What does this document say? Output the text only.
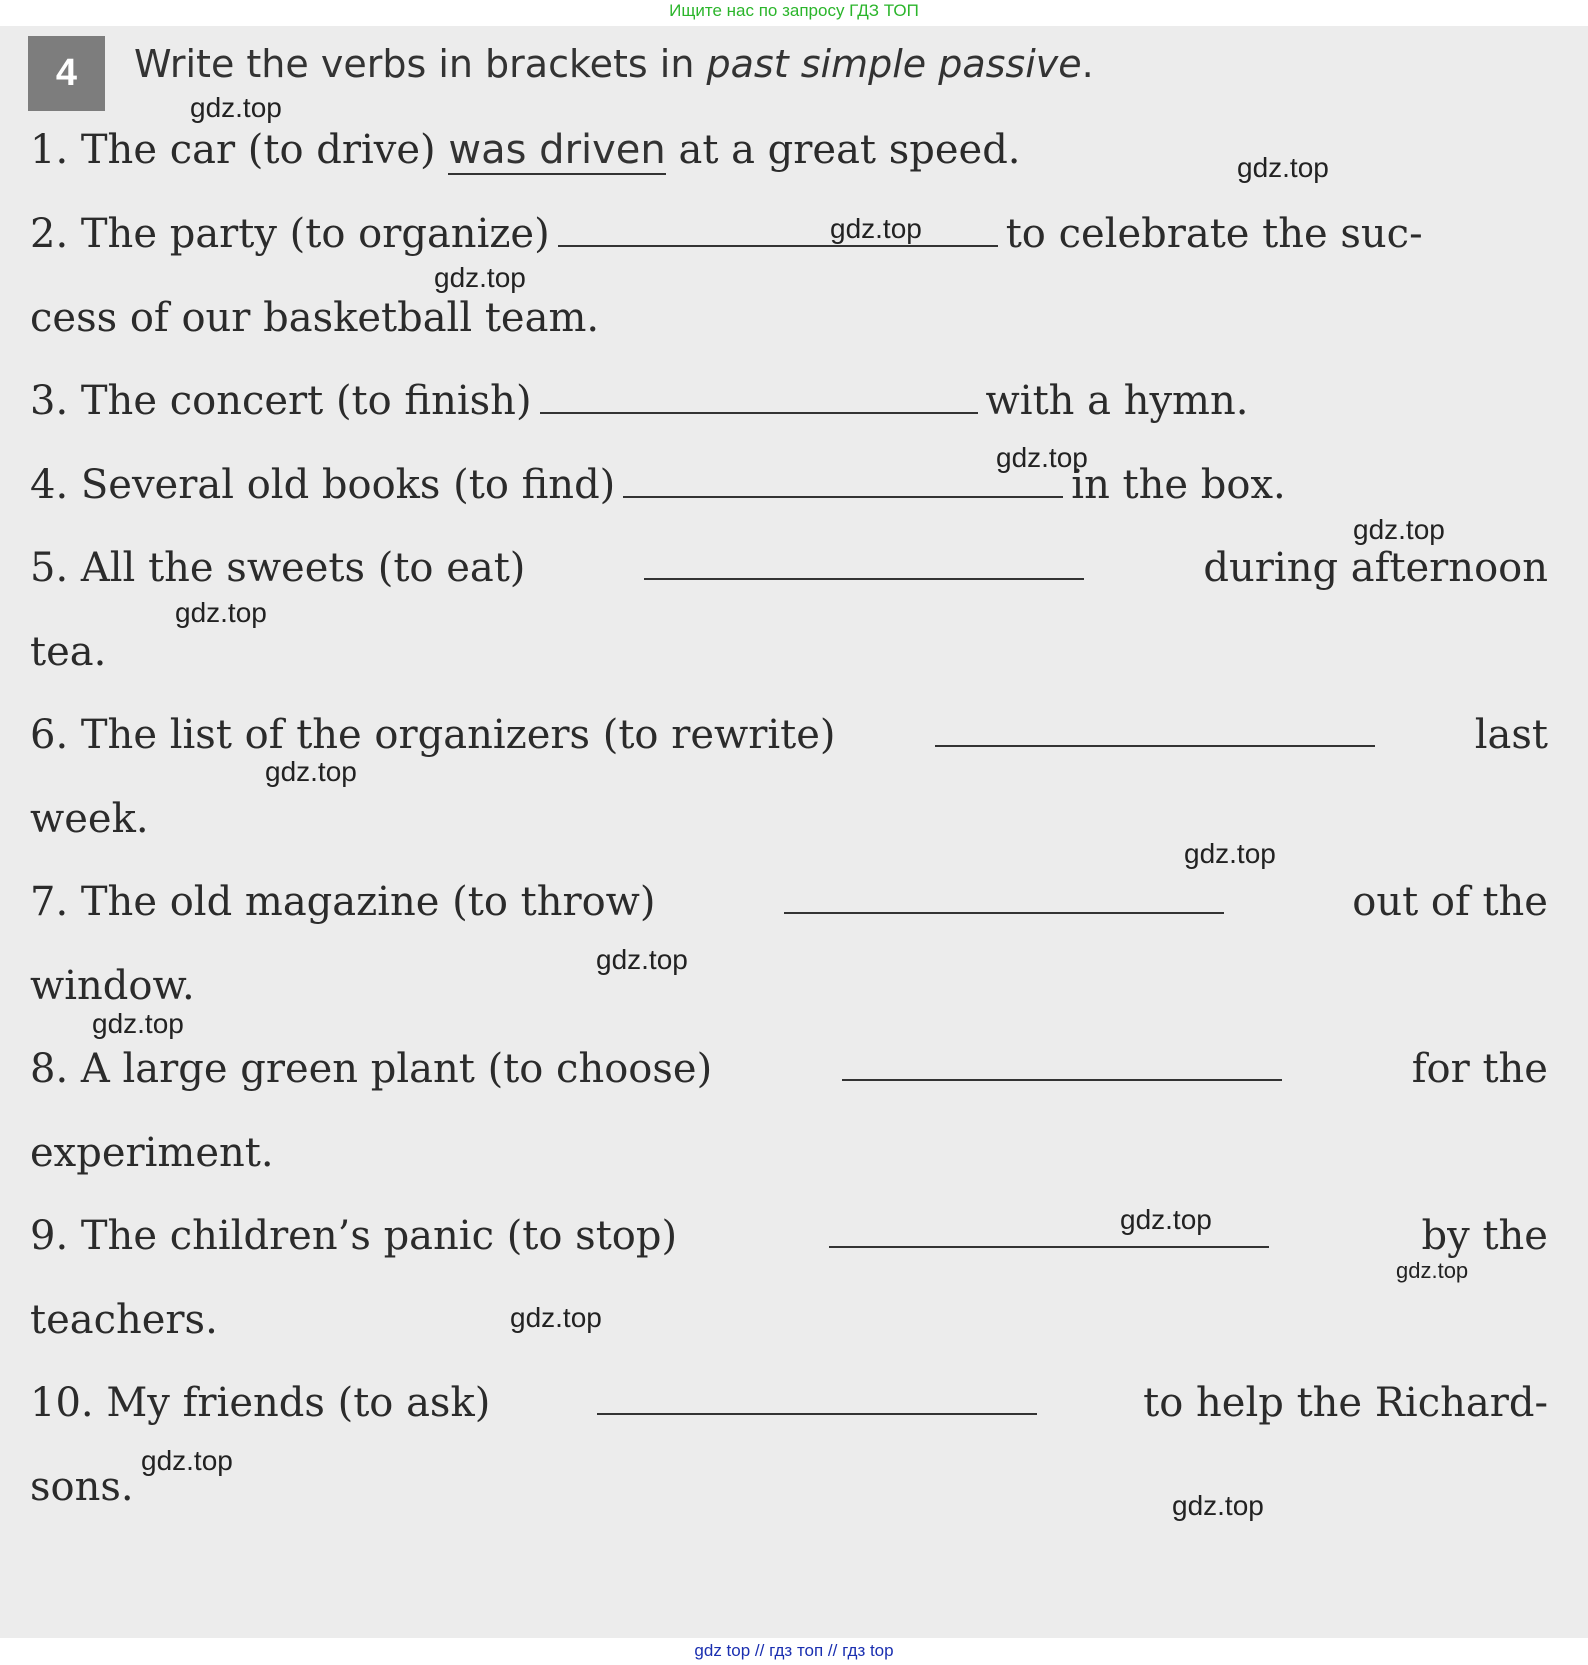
Ищите нас по запросу ГДЗ ТОП
4	Write the verbs in brackets in past simple passive.
1. The car (to drive) was driven at a great speed.
2. The party (to organize)	to celebrate the suc-
cess of our basketball team.
3. The concert (to finish)	with a hymn.
4. Several old books (to find)	in the box.
5. All the sweets (to eat)	during afternoon
tea.
6. The list of the organizers (to rewrite)	last
week.
7. The old magazine (to throw)	out of the
window.
8. A large green plant (to choose)	for the
experiment.
9. The children’s panic (to stop)	by the
teachers.
10. My friends (to ask)	to help the Richard-
sons.
gdz.top
gdz.top
gdz.top
gdz.top
gdz.top
gdz.top
gdz.top
gdz.top
gdz.top
gdz.top
gdz.top
gdz.top
gdz.top
gdz.top
gdz.top
gdz.top
gdz top // гдз топ // гдз top
